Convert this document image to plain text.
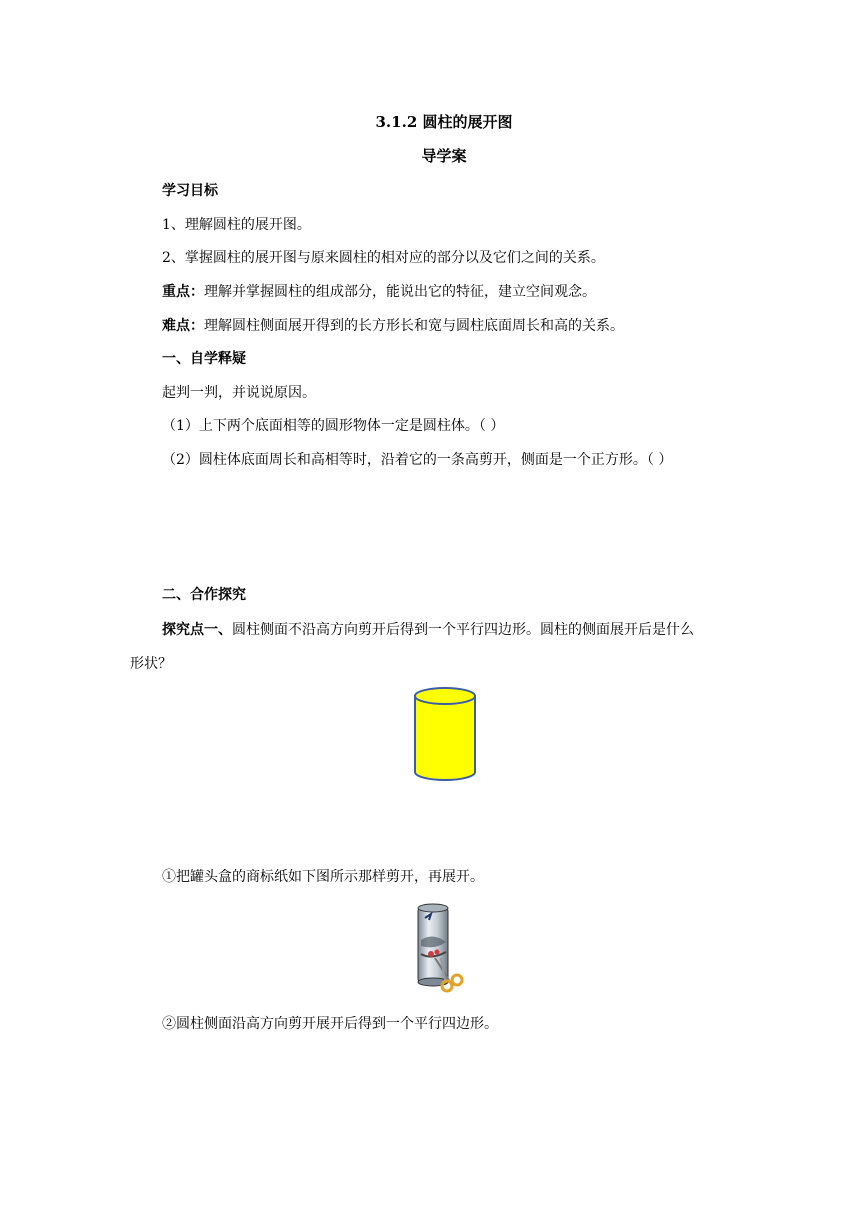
3.1.2 圆柱的展开图
导学案
学习目标
1、理解圆柱的展开图。
2、掌握圆柱的展开图与原来圆柱的相对应的部分以及它们之间的关系。
重点：理解并掌握圆柱的组成部分，能说出它的特征，建立空间观念。
难点：理解圆柱侧面展开得到的长方形长和宽与圆柱底面周长和高的关系。
一、自学释疑
起判一判，并说说原因。
（1）上下两个底面相等的圆形物体一定是圆柱体。（ ）
（2）圆柱体底面周长和高相等时，沿着它的一条高剪开，侧面是一个正方形。（ ）
二、合作探究
探究点一、圆柱侧面不沿高方向剪开后得到一个平行四边形。圆柱的侧面展开后是什么
形状？
①把罐头盒的商标纸如下图所示那样剪开，再展开。
②圆柱侧面沿高方向剪开展开后得到一个平行四边形。
